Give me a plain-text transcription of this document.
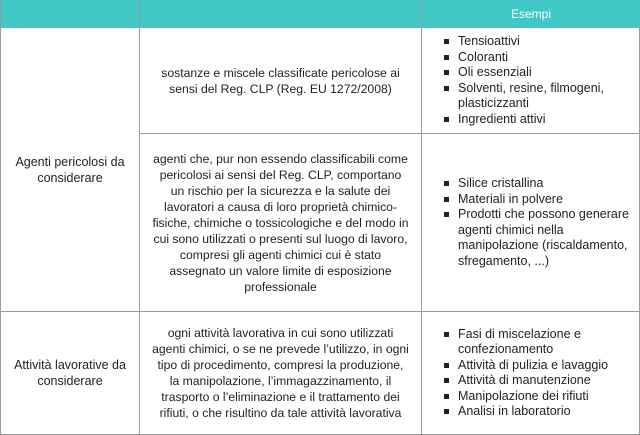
Esempi
Agenti pericolosi da considerare
sostanze e miscele classificate pericolose ai sensi del Reg. CLP (Reg. EU 1272/2008)
Tensioattivi
Coloranti
Oli essenziali
Solventi, resine, filmogeni, plasticizzanti
Ingredienti attivi
agenti che, pur non essendo classificabili come pericolosi ai sensi del Reg. CLP, comportano un rischio per la sicurezza e la salute dei lavoratori a causa di loro proprietà chimico-fisiche, chimiche o tossicologiche e del modo in cui sono utilizzati o presenti sul luogo di lavoro, compresi gli agenti chimici cui è stato assegnato un valore limite di esposizione professionale
Silice cristallina
Materiali in polvere
Prodotti che possono generare agenti chimici nella manipolazione (riscaldamento, sfregamento, ...)
Attività lavorative da considerare
ogni attività lavorativa in cui sono utilizzati agenti chimici, o se ne prevede l’utilizzo, in ogni tipo di procedimento, compresi la produzione, la manipolazione, l’immagazzinamento, il trasporto o l’eliminazione e il trattamento dei rifiuti, o che risultino da tale attività lavorativa
Fasi di miscelazione e confezionamento
Attività di pulizia e lavaggio
Attività di manutenzione
Manipolazione dei rifiuti
Analisi in laboratorio
